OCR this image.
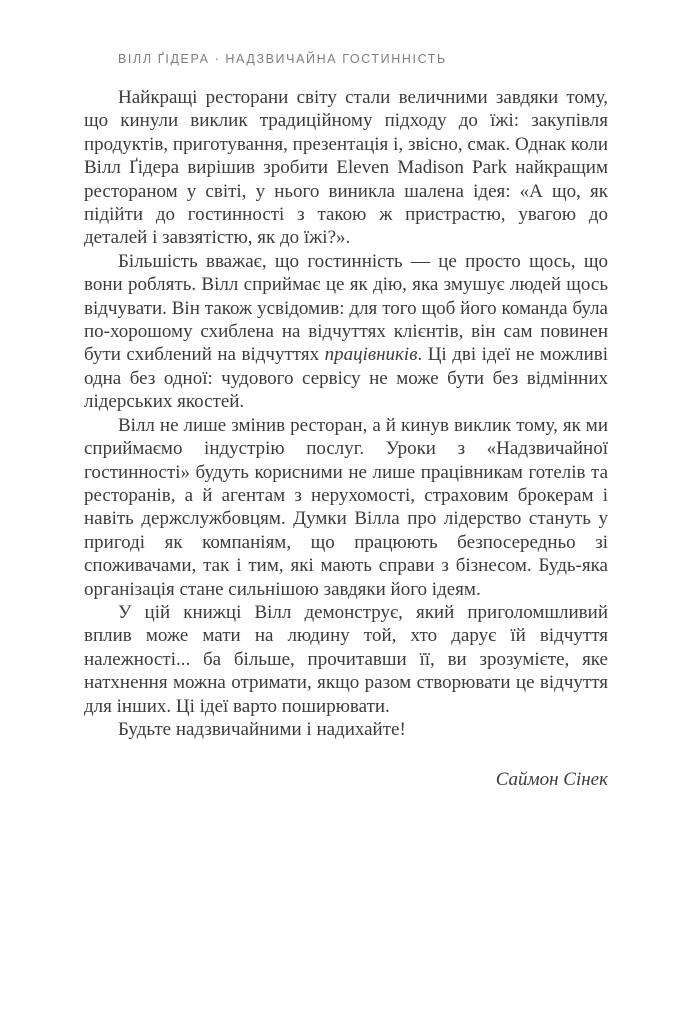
ВІЛЛ ҐІДЕРА · НАДЗВИЧАЙНА ГОСТИННІСТЬ

Найкращі ресторани світу стали величними завдяки тому, що кинули виклик традиційному підходу до їжі: закупівля продуктів, приготування, презентація і, звісно, смак. Однак коли Вілл Ґідера вирішив зробити Eleven Madison Park найкращим рестораном у світі, у нього виникла шалена ідея: «А що, як підійти до гостинності з такою ж пристрастю, увагою до деталей і завзятістю, як до їжі?».

Більшість вважає, що гостинність — це просто щось, що вони роблять. Вілл сприймає це як дію, яка змушує людей щось відчувати. Він також усвідомив: для того щоб його команда була по-хорошому схиблена на відчуттях клієнтів, він сам повинен бути схиблений на відчуттях працівників. Ці дві ідеї не можливі одна без одної: чудового сервісу не може бути без відмінних лідерських якостей.

Вілл не лише змінив ресторан, а й кинув виклик тому, як ми сприймаємо індустрію послуг. Уроки з «Надзвичайної гостинності» будуть корисними не лише працівникам готелів та ресторанів, а й агентам з нерухомості, страховим брокерам і навіть держслужбовцям. Думки Вілла про лідерство стануть у пригоді як компаніям, що працюють безпосередньо зі споживачами, так і тим, які мають справи з бізнесом. Будь-яка організація стане сильнішою завдяки його ідеям.

У цій книжці Вілл демонструє, який приголомшливий вплив може мати на людину той, хто дарує їй відчуття належності... ба більше, прочитавши її, ви зрозумієте, яке натхнення можна отримати, якщо разом створювати це відчуття для інших. Ці ідеї варто поширювати.

Будьте надзвичайними і надихайте!

Саймон Сінек
